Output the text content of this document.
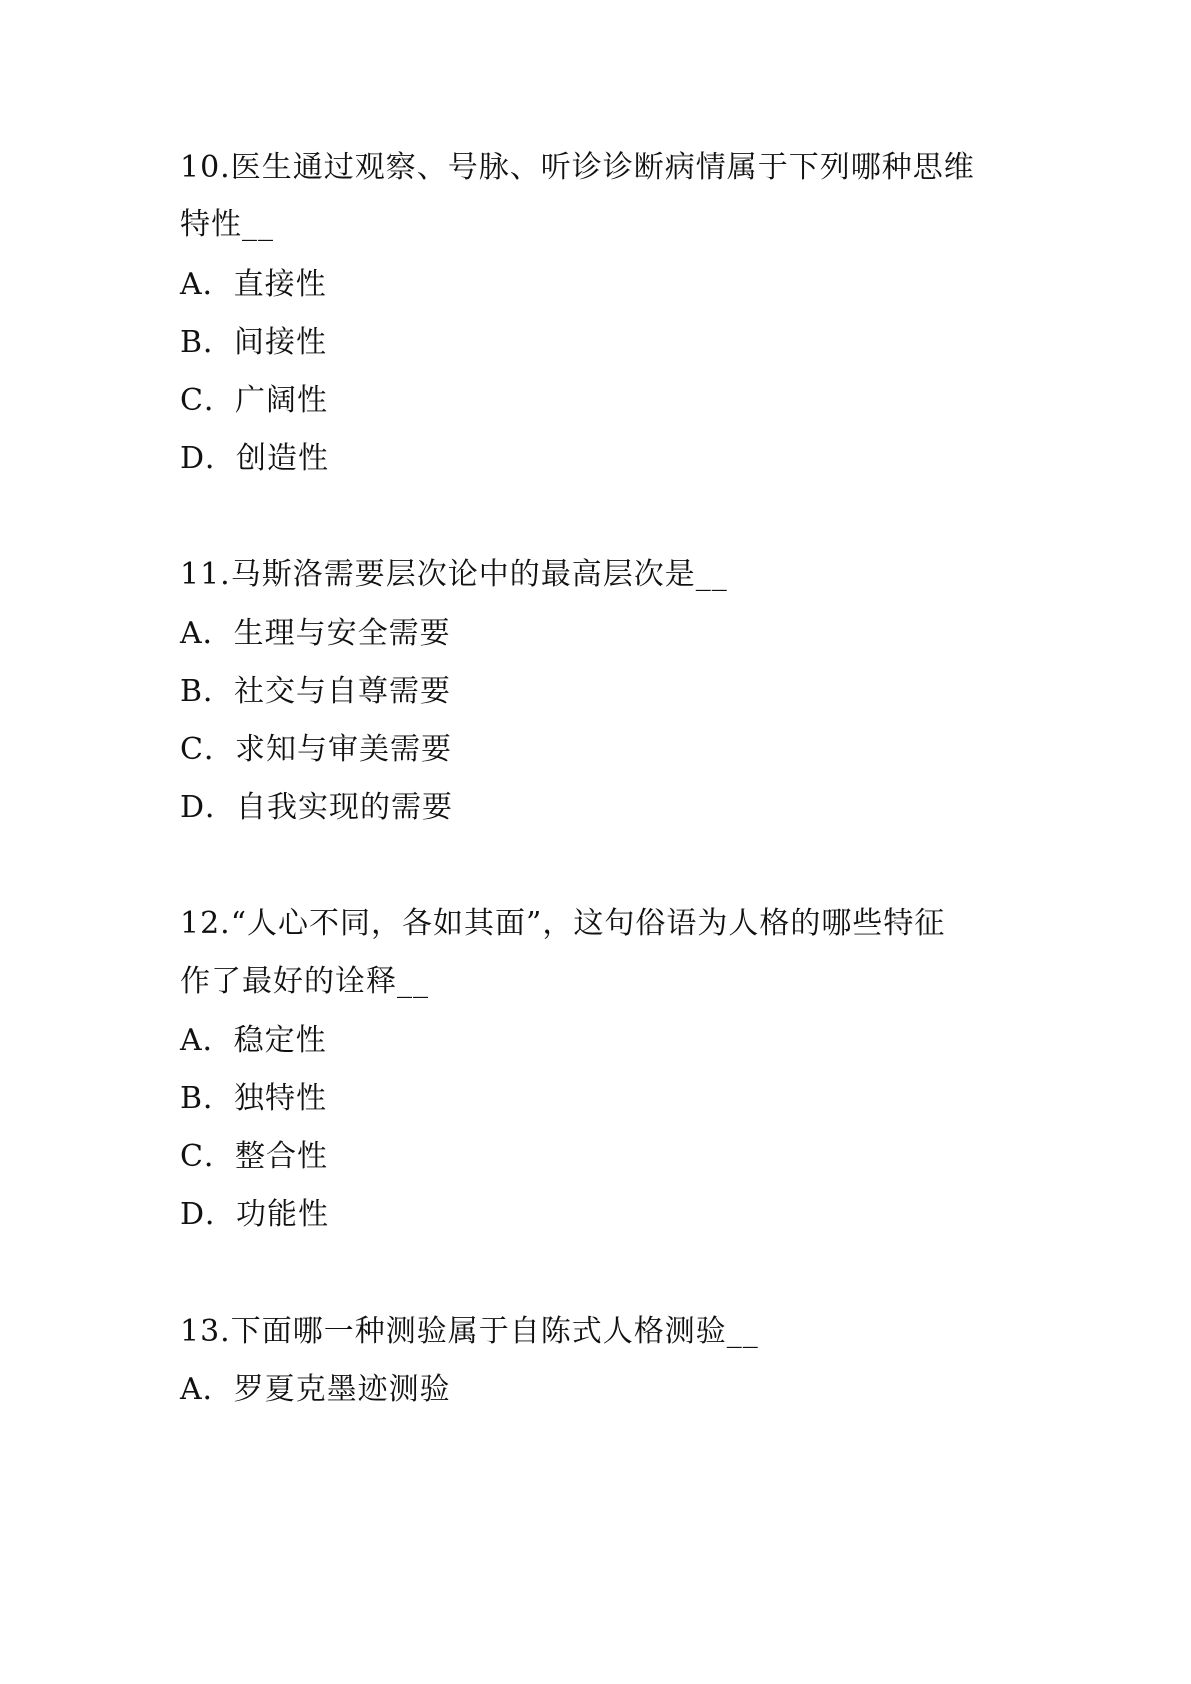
10.医生通过观察、号脉、听诊诊断病情属于下列哪种思维
特性__
A．直接性
B．间接性
C．广阔性
D．创造性
11.马斯洛需要层次论中的最高层次是__
A．生理与安全需要
B．社交与自尊需要
C．求知与审美需要
D．自我实现的需要
12.“人心不同，各如其面”，这句俗语为人格的哪些特征
作了最好的诠释__
A．稳定性
B．独特性
C．整合性
D．功能性
13.下面哪一种测验属于自陈式人格测验__
A．罗夏克墨迹测验
